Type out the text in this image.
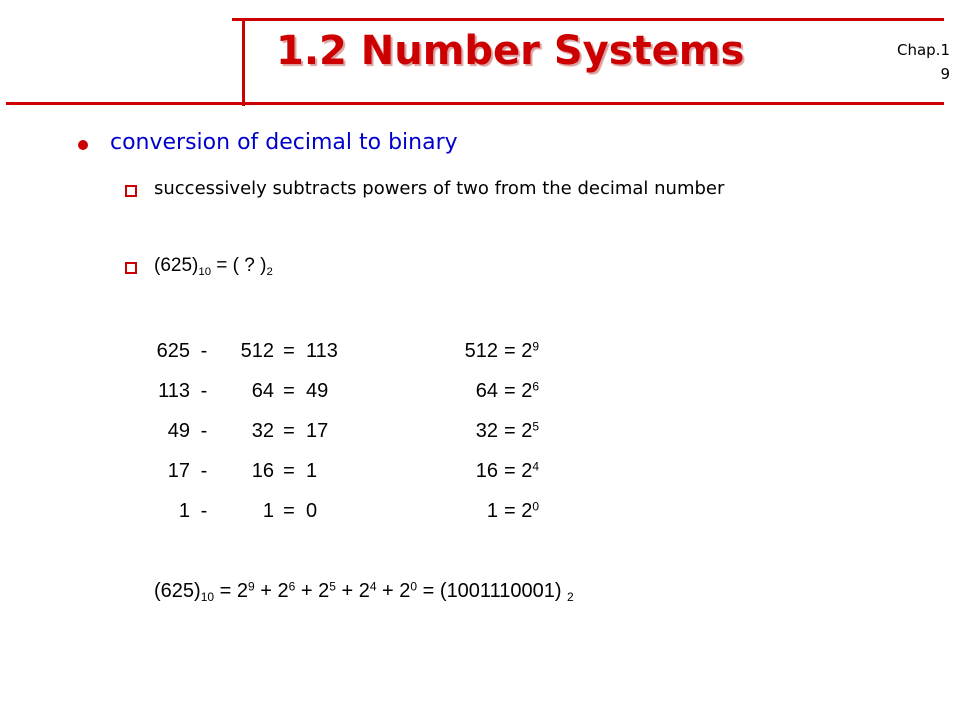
1.2 Number Systems	Chap.1
9
conversion of decimal to binary
successively subtracts powers of two from the decimal number
$(625)_{10}$ = ( ? )$_2$
625 -	512 = 113	$512 = 2^9$
113 -	64 = 49	$64 = 2^6$
49 -	32 = 17	$32 = 2^5$
17 -	16 = 1	$16 = 2^4$
1 -	1 = 0	$1 = 2^0$
$(625)_{10} = 2^9 + 2^6 + 2^5 + 2^4 + 2^0 = (1001110001)$ $_2$
